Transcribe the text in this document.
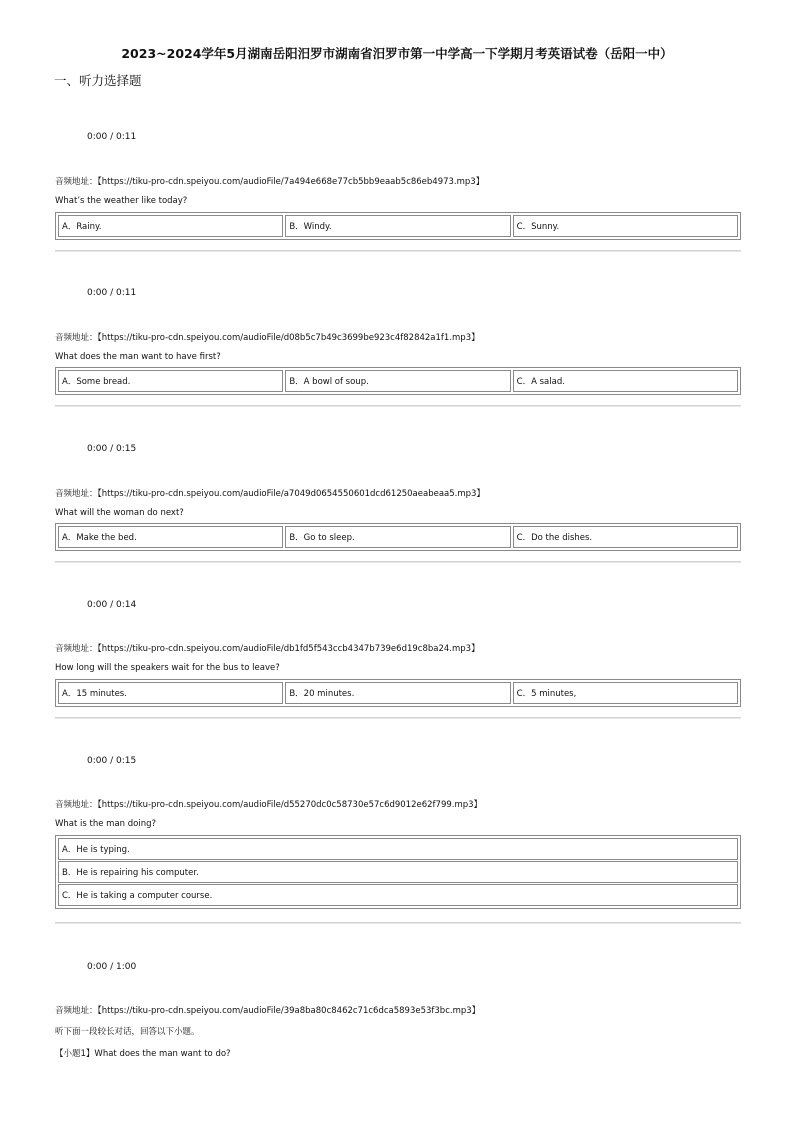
2023~2024学年5月湖南岳阳汨罗市湖南省汨罗市第一中学高一下学期月考英语试卷（岳阳一中）
一、听力选择题
0:00 / 0:11
音频地址：【https://tiku-pro-cdn.speiyou.com/audioFile/7a494e668e77cb5bb9eaab5c86eb4973.mp3】
What’s the weather like today?
A．Rainy.	B．Windy.	C．Sunny.
0:00 / 0:11
音频地址：【https://tiku-pro-cdn.speiyou.com/audioFile/d08b5c7b49c3699be923c4f82842a1f1.mp3】
What does the man want to have first?
A．Some bread.	B．A bowl of soup.	C．A salad.
0:00 / 0:15
音频地址：【https://tiku-pro-cdn.speiyou.com/audioFile/a7049d0654550601dcd61250aeabeaa5.mp3】
What will the woman do next?
A．Make the bed.	B．Go to sleep.	C．Do the dishes.
0:00 / 0:14
音频地址：【https://tiku-pro-cdn.speiyou.com/audioFile/db1fd5f543ccb4347b739e6d19c8ba24.mp3】
How long will the speakers wait for the bus to leave?
A．15 minutes.	B．20 minutes.	C．5 minutes,
0:00 / 0:15
音频地址：【https://tiku-pro-cdn.speiyou.com/audioFile/d55270dc0c58730e57c6d9012e62f799.mp3】
What is the man doing?
A．He is typing.
B．He is repairing his computer.
C．He is taking a computer course.
0:00 / 1:00
音频地址：【https://tiku-pro-cdn.speiyou.com/audioFile/39a8ba80c8462c71c6dca5893e53f3bc.mp3】
听下面一段较长对话，回答以下小题。
【小题1】What does the man want to do?
